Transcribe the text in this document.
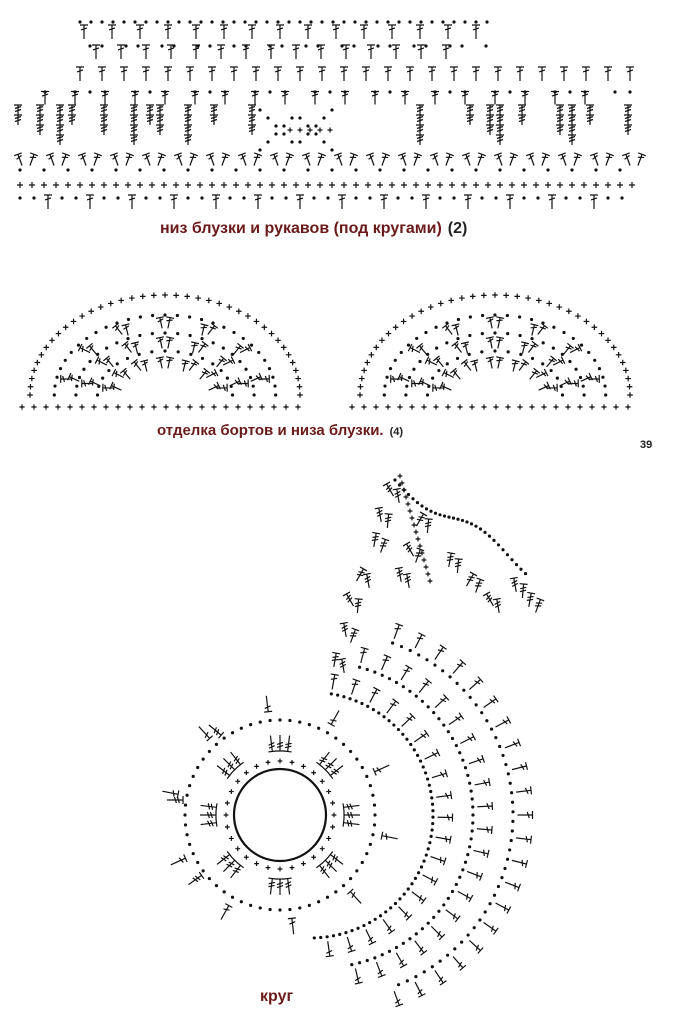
низ блузки и рукавов (под кругами) (2)
отделка бортов и низа блузки. (4)
39
круг
